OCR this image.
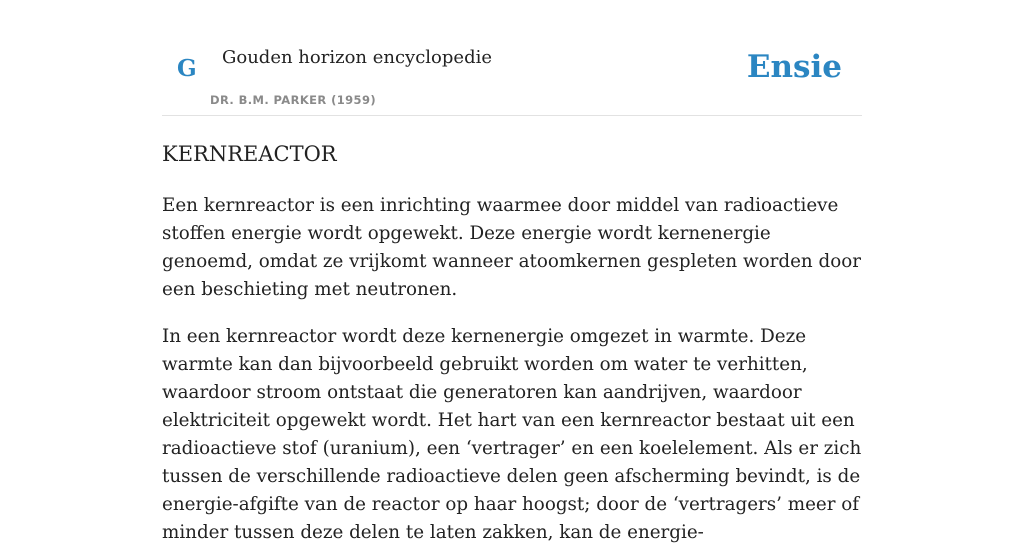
G Gouden horizon encyclopedie
DR. B.M. PARKER (1959)
Ensie
KERNREACTOR

Een kernreactor is een inrichting waarmee door middel van radioactieve stoffen energie wordt opgewekt. Deze energie wordt kernenergie genoemd, omdat ze vrijkomt wanneer atoomkernen gespleten worden door een beschieting met neutronen.

In een kernreactor wordt deze kernenergie omgezet in warmte. Deze warmte kan dan bijvoorbeeld gebruikt worden om water te verhitten, waardoor stroom ontstaat die generatoren kan aandrijven, waardoor elektriciteit opgewekt wordt. Het hart van een kernreactor bestaat uit een radioactieve stof (uranium), een ‘vertrager’ en een koelelement. Als er zich tussen de verschillende radioactieve delen geen afscherming bevindt, is de energie-afgifte van de reactor op haar hoogst; door de ‘vertragers’ meer of minder tussen deze delen te laten zakken, kan de energie-
